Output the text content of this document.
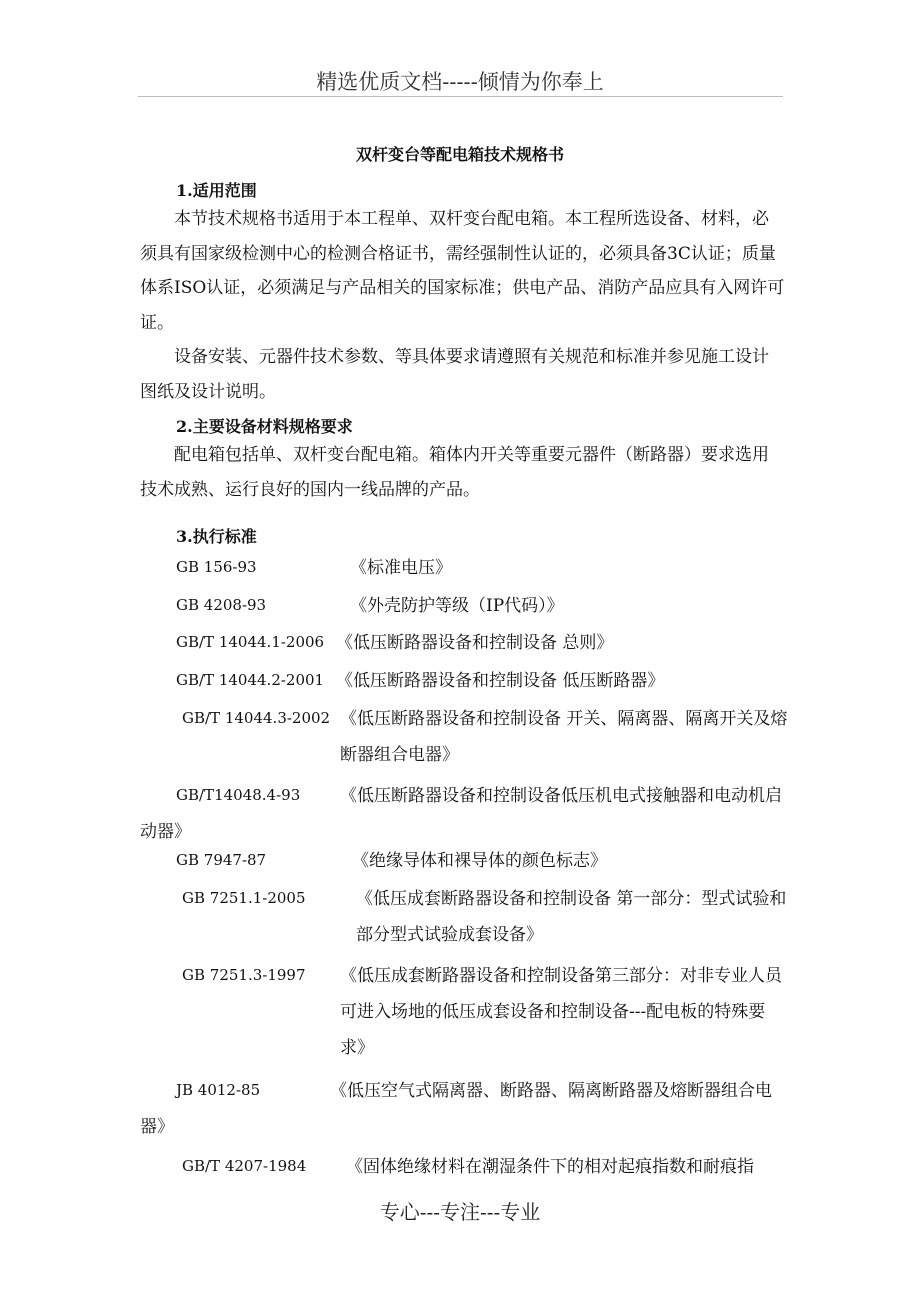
精选优质文档-----倾情为你奉上
双杆变台等配电箱技术规格书
1.适用范围
本节技术规格书适用于本工程单、双杆变台配电箱。本工程所选设备、材料，必须具有国家级检测中心的检测合格证书，需经强制性认证的，必须具备3C认证；质量体系ISO认证，必须满足与产品相关的国家标准；供电产品、消防产品应具有入网许可证。
设备安装、元器件技术参数、等具体要求请遵照有关规范和标准并参见施工设计图纸及设计说明。
2.主要设备材料规格要求
配电箱包括单、双杆变台配电箱。箱体内开关等重要元器件（断路器）要求选用技术成熟、运行良好的国内一线品牌的产品。
3.执行标准
GB 156-93	《标准电压》
GB 4208-93	《外壳防护等级（IP代码）》
GB/T 14044.1-2006 《低压断路器设备和控制设备 总则》
GB/T 14044.2-2001 《低压断路器设备和控制设备 低压断路器》
GB/T 14044.3-2002 《低压断路器设备和控制设备 开关、隔离器、隔离开关及熔断器组合电器》
GB/T14048.4-93	《低压断路器设备和控制设备低压机电式接触器和电动机启动器》
GB 7947-87	《绝缘导体和裸导体的颜色标志》
GB 7251.1-2005	《低压成套断路器设备和控制设备 第一部分：型式试验和部分型式试验成套设备》
GB 7251.3-1997 《低压成套断路器设备和控制设备第三部分：对非专业人员可进入场地的低压成套设备和控制设备---配电板的特殊要求》
JB 4012-85	《低压空气式隔离器、断路器、隔离断路器及熔断器组合电器》
GB/T 4207-1984 《固体绝缘材料在潮湿条件下的相对起痕指数和耐痕指
专心---专注---专业
